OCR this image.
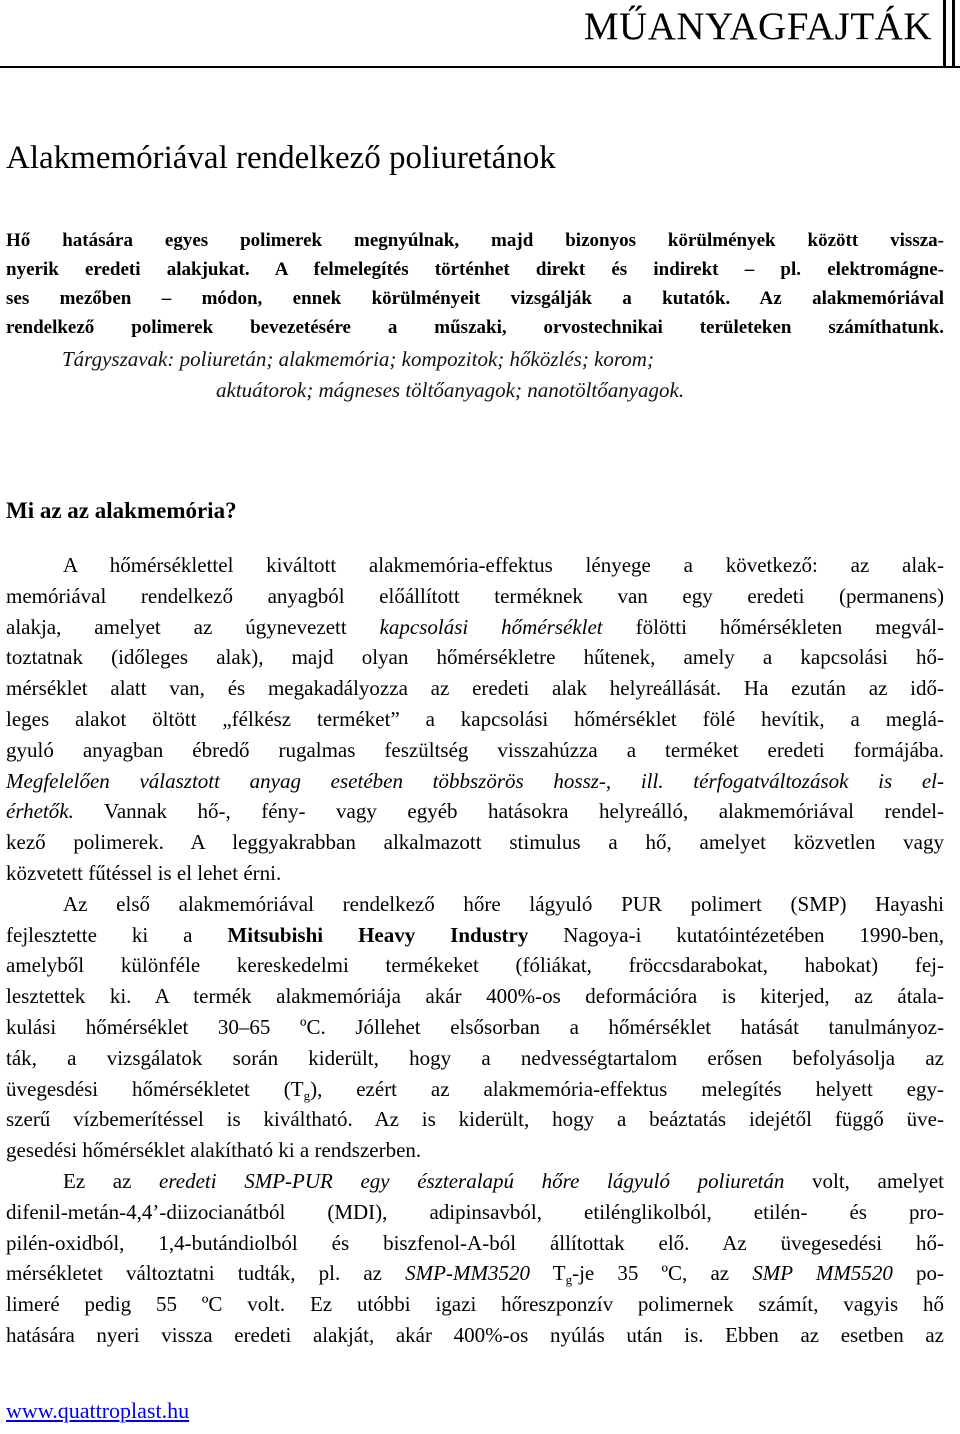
MŰANYAGFAJTÁK
Alakmemóriával rendelkező poliuretánok
Hő hatására egyes polimerek megnyúlnak, majd bizonyos körülmények között vissza-
nyerik eredeti alakjukat. A felmelegítés történhet direkt és indirekt – pl. elektromágne-
ses mezőben – módon, ennek körülményeit vizsgálják a kutatók. Az alakmemóriával
rendelkező polimerek bevezetésére a műszaki, orvostechnikai területeken számíthatunk.
Tárgyszavak: poliuretán; alakmemória; kompozitok; hőközlés; korom;
aktuátorok; mágneses töltőanyagok; nanotöltőanyagok.
Mi az az alakmemória?
A hőmérséklettel kiváltott alakmemória-effektus lényege a következő: az alak-
memóriával rendelkező anyagból előállított terméknek van egy eredeti (permanens)
alakja, amelyet az úgynevezett kapcsolási hőmérséklet fölötti hőmérsékleten megvál-
toztatnak (időleges alak), majd olyan hőmérsékletre hűtenek, amely a kapcsolási hő-
mérséklet alatt van, és megakadályozza az eredeti alak helyreállását. Ha ezután az idő-
leges alakot öltött „félkész terméket” a kapcsolási hőmérséklet fölé hevítik, a meglá-
gyuló anyagban ébredő rugalmas feszültség visszahúzza a terméket eredeti formájába.
Megfelelően választott anyag esetében többszörös hossz-, ill. térfogatváltozások is el-
érhetők. Vannak hő-, fény- vagy egyéb hatásokra helyreálló, alakmemóriával rendel-
kező polimerek. A leggyakrabban alkalmazott stimulus a hő, amelyet közvetlen vagy
közvetett fűtéssel is el lehet érni.
Az első alakmemóriával rendelkező hőre lágyuló PUR polimert (SMP) Hayashi
fejlesztette ki a Mitsubishi Heavy Industry Nagoya-i kutatóintézetében 1990-ben,
amelyből különféle kereskedelmi termékeket (fóliákat, fröccsdarabokat, habokat) fej-
lesztettek ki. A termék alakmemóriája akár 400%-os deformációra is kiterjed, az átala-
kulási hőmérséklet 30–65 ºC. Jóllehet elsősorban a hőmérséklet hatását tanulmányoz-
ták, a vizsgálatok során kiderült, hogy a nedvességtartalom erősen befolyásolja az
üvegesdési hőmérsékletet $(T_g)$, ezért az alakmemória-effektus melegítés helyett egy-
szerű vízbemerítéssel is kiváltható. Az is kiderült, hogy a beáztatás idejétől függő üve-
gesedési hőmérséklet alakítható ki a rendszerben.
Ez az eredeti SMP-PUR egy észteralapú hőre lágyuló poliuretán volt, amelyet
difenil-metán-4,4’-diizocianátból (MDI), adipinsavból, etilénglikolból, etilén- és pro-
pilén-oxidból, 1,4-butándiolból és biszfenol-A-ból állítottak elő. Az üvegesedési hő-
mérsékletet változtatni tudták, pl. az SMP-MM3520 $T_g-je$ 35 ºC, az SMP MM5520 po-
limeré pedig 55 ºC volt. Ez utóbbi igazi hőreszponzív polimernek számít, vagyis hő
hatására nyeri vissza eredeti alakját, akár 400%-os nyúlás után is. Ebben az esetben az
www.quattroplast.hu
